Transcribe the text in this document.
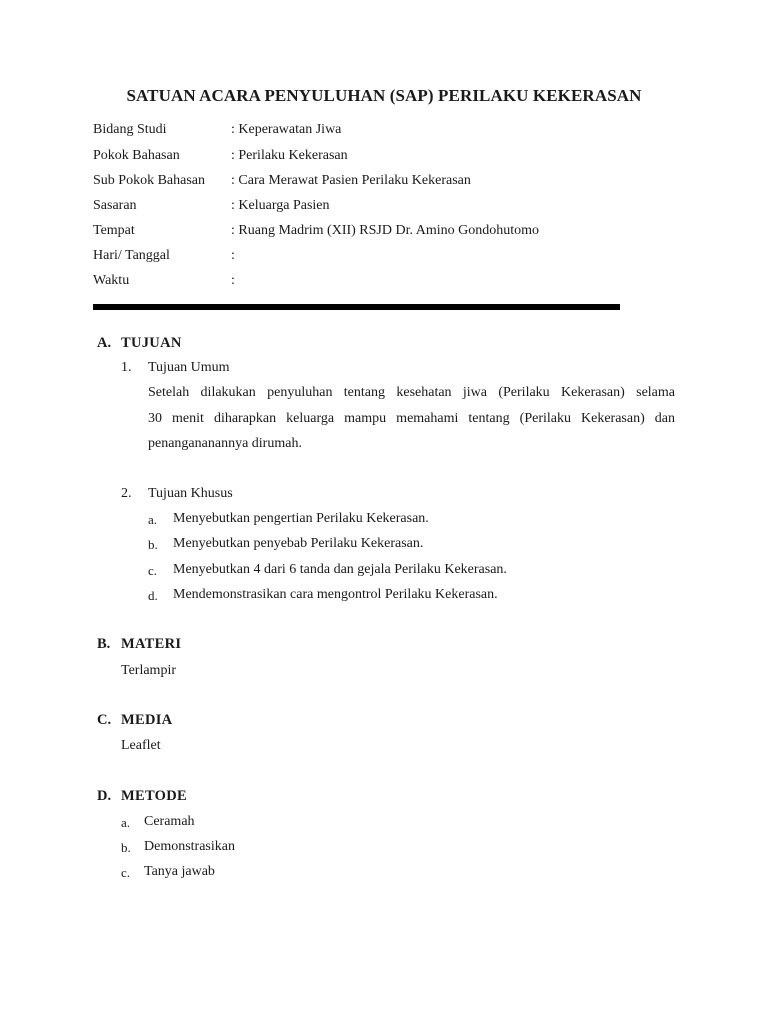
SATUAN ACARA PENYULUHAN (SAP) PERILAKU KEKERASAN
Bidang Studi	: Keperawatan Jiwa
Pokok Bahasan	: Perilaku Kekerasan
Sub Pokok Bahasan : Cara Merawat Pasien Perilaku Kekerasan
Sasaran	: Keluarga Pasien
Tempat	: Ruang Madrim (XII) RSJD Dr. Amino Gondohutomo
Hari/ Tanggal	:
Waktu	:
A. TUJUAN
1. Tujuan Umum
Setelah dilakukan penyuluhan tentang kesehatan jiwa (Perilaku Kekerasan) selama
30 menit diharapkan keluarga mampu memahami tentang (Perilaku Kekerasan) dan
penangananannya dirumah.
2. Tujuan Khusus
a. Menyebutkan pengertian Perilaku Kekerasan.
b. Menyebutkan penyebab Perilaku Kekerasan.
c. Menyebutkan 4 dari 6 tanda dan gejala Perilaku Kekerasan.
d. Mendemonstrasikan cara mengontrol Perilaku Kekerasan.
B. MATERI
Terlampir
C. MEDIA
Leaflet
D. METODE
a. Ceramah
b. Demonstrasikan
c. Tanya jawab
